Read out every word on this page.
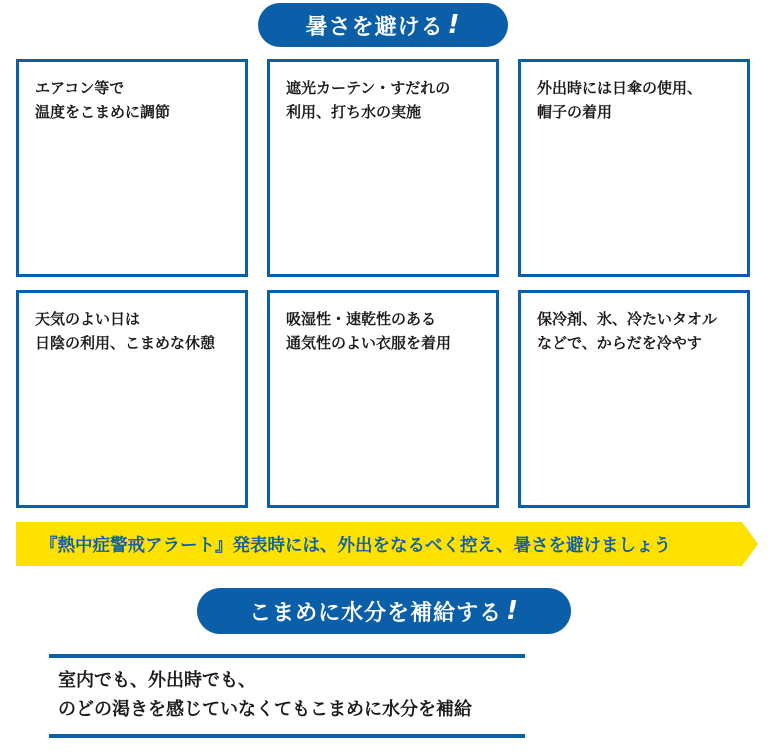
暑さを避ける !
エアコン等で
温度をこまめに調節
遮光カーテン・すだれの
利用、打ち水の実施
外出時には日傘の使用、
帽子の着用
天気のよい日は
日陰の利用、こまめな休憩
吸湿性・速乾性のある
通気性のよい衣服を着用
保冷剤、氷、冷たいタオル
などで、からだを冷やす
『熱中症警戒アラート』発表時には、外出をなるべく控え、暑さを避けましょう
こまめに水分を補給する !
室内でも、外出時でも、
のどの渇きを感じていなくてもこまめに水分を補給
